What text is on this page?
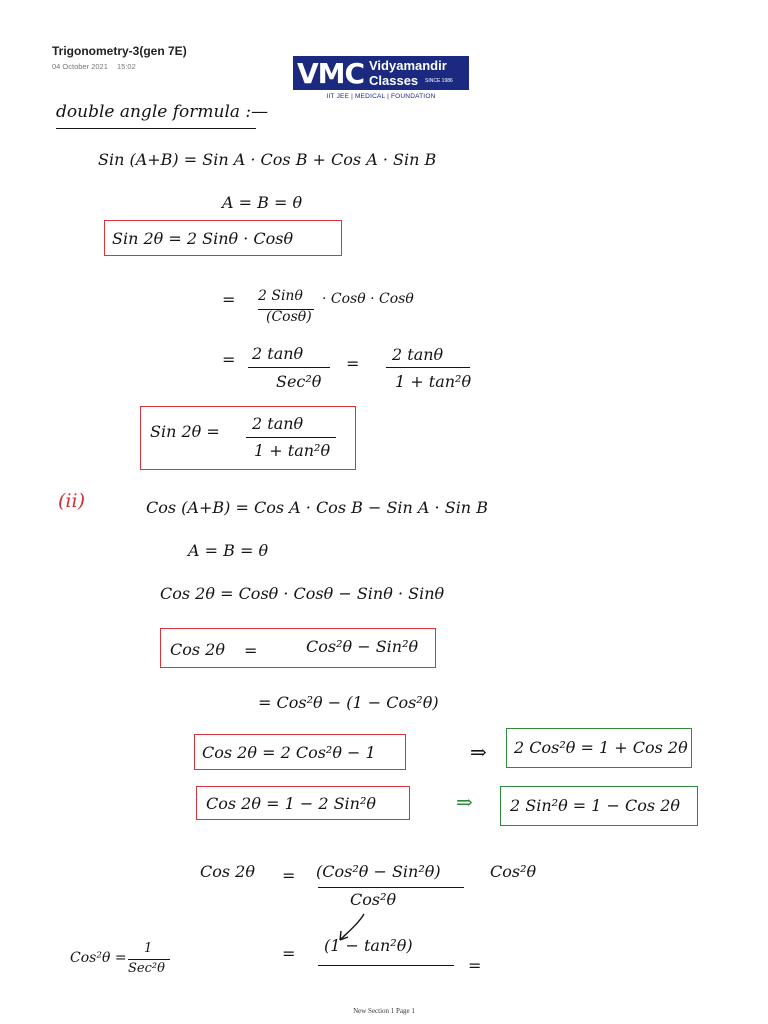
Trigonometry-3(gen 7E)
04 October 2021 15:02	VMC Vidyamandir
Classes SINCE 1986
IIT JEE | MEDICAL | FOUNDATION
double angle formula :—
Sin (A+B) = Sin A · Cos B + Cos A · Sin B
A = B = θ
Sin 2θ = 2 Sinθ · Cosθ
= 2 Sinθ
(Cosθ)
· Cosθ · Cosθ
= 2 tanθ
Sec²θ
= 2 tanθ
1 + tan²θ
Sin 2θ = 2 tanθ
1 + tan²θ
(ii)	Cos (A+B) = Cos A · Cos B − Sin A · Sin B
A = B = θ
Cos 2θ = Cosθ · Cosθ − Sinθ · Sinθ
Cos 2θ =	Cos²θ − Sin²θ
= Cos²θ − (1 − Cos²θ)
Cos 2θ = 2 Cos²θ − 1	⇒ 2 Cos²θ = 1 + Cos 2θ
Cos 2θ = 1 − 2 Sin²θ	⇒ 2 Sin²θ = 1 − Cos 2θ
Cos 2θ = (Cos²θ − Sin²θ)
Cos²θ
Cos²θ
Cos²θ =
1
Sec²θ
= (1 − tan²θ)
=
New Section 1 Page 1
